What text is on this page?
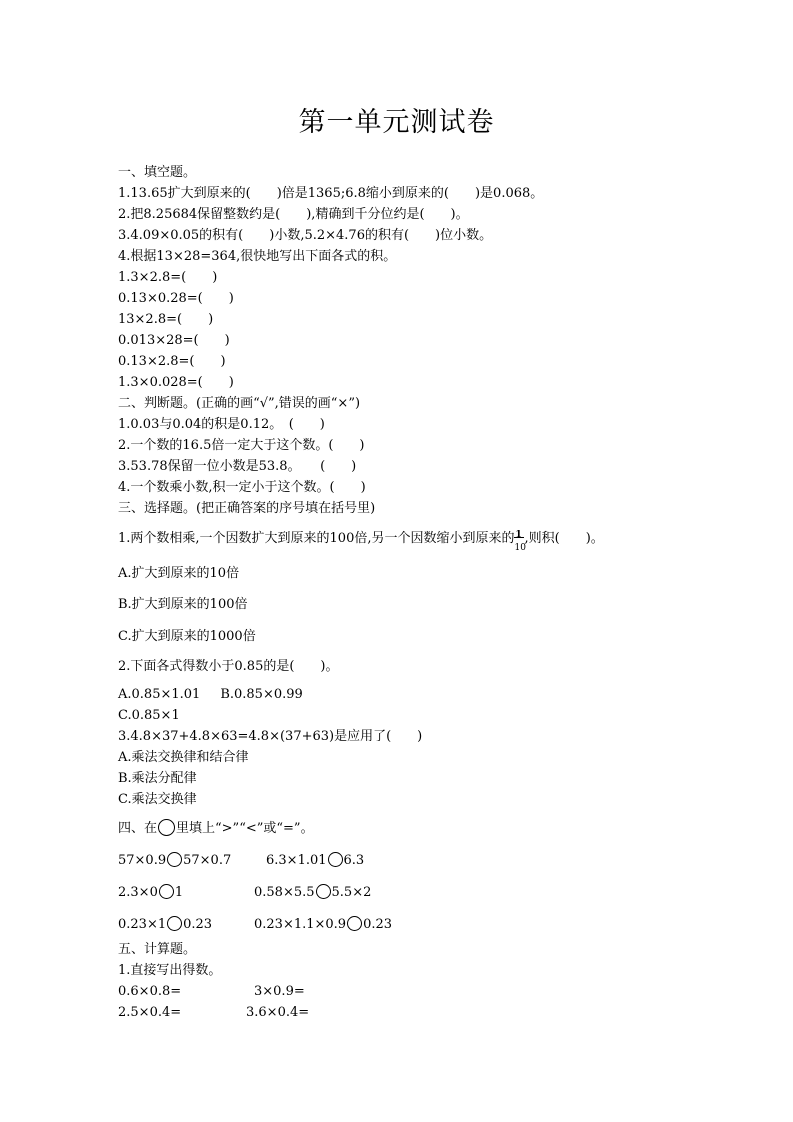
第一单元测试卷
一、填空题。
1.13.65扩大到原来的(　　)倍是1365;6.8缩小到原来的(　　)是0.068。
2.把8.25684保留整数约是(　　),精确到千分位约是(　　)。
3.4.09×0.05的积有(　　)小数,5.2×4.76的积有(　　)位小数。
4.根据13×28=364,很快地写出下面各式的积。
1.3×2.8=(　　)
0.13×0.28=(　　)
13×2.8=(　　)
0.013×28=(　　)
0.13×2.8=(　　)
1.3×0.028=(　　)
二、判断题。(正确的画“√”,错误的画“×”)
1.0.03与0.04的积是0.12。　(　　)
2.一个数的16.5倍一定大于这个数。(　　)
3.53.78保留一位小数是53.8。　　(　　)
4.一个数乘小数,积一定小于这个数。(　　)
三、选择题。(把正确答案的序号填在括号里)
1.两个数相乘,一个因数扩大到原来的100倍,另一个因数缩小到原来的 1
10
,则积(　　)。
A.扩大到原来的10倍
B.扩大到原来的100倍
C.扩大到原来的1000倍
2.下面各式得数小于0.85的是(　　)。
A.0.85×1.01 B.0.85×0.99
C.0.85×1
3.4.8×37+4.8×63=4.8×(37+63)是应用了(　　)
A.乘法交换律和结合律
B.乘法分配律
C.乘法交换律
四、在 里填上“>”“<”或“=”。
57×0.9 57×0.7	6.3×1.01 6.3
2.3×0 1	0.58×5.5 5.5×2
0.23×1 0.23	0.23×1.1×0.9 0.23
五、计算题。
1.直接写出得数。
0.6×0.8=	3×0.9=
2.5×0.4=	3.6×0.4=
